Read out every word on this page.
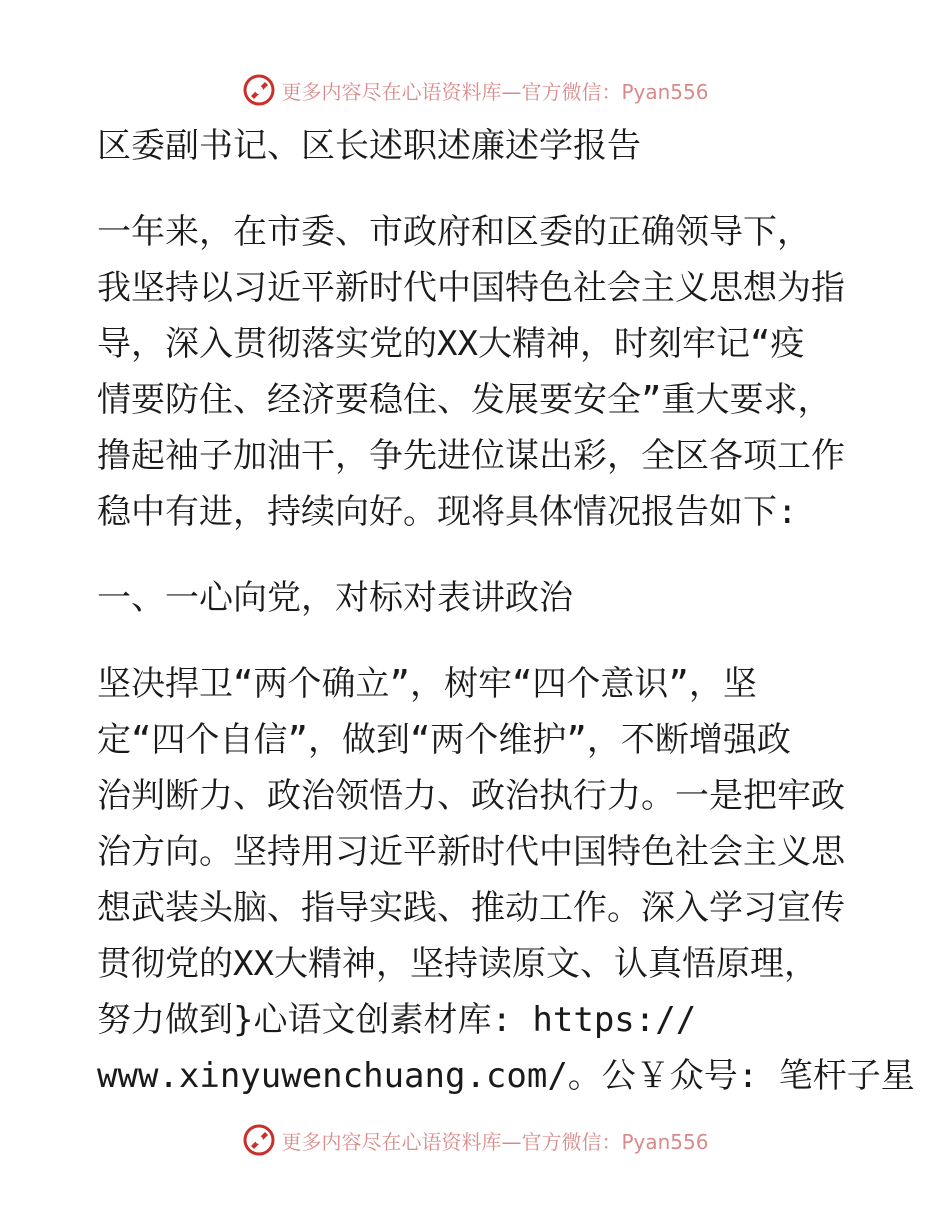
更多内容尽在心语资料库—官方微信：Pyan556
区委副书记、区长述职述廉述学报告
一年来，在市委、市政府和区委的正确领导下，
我坚持以习近平新时代中国特色社会主义思想为指
导，深入贯彻落实党的XX大精神，时刻牢记“疫
情要防住、经济要稳住、发展要安全”重大要求，
撸起袖子加油干，争先进位谋出彩，全区各项工作
稳中有进，持续向好。现将具体情况报告如下:
一、一心向党，对标对表讲政治
坚决捍卫“两个确立”，树牢“四个意识”，坚
定“四个自信”，做到“两个维护”，不断增强政
治判断力、政治领悟力、政治执行力。一是把牢政
治方向。坚持用习近平新时代中国特色社会主义思
想武装头脑、指导实践、推动工作。深入学习宣传
贯彻党的XX大精神，坚持读原文、认真悟原理，
努力做到}心语文创素材库: https://
www.xinyuwenchuang.com/。公￥众号: 笔杆子星
更多内容尽在心语资料库—官方微信：Pyan556
